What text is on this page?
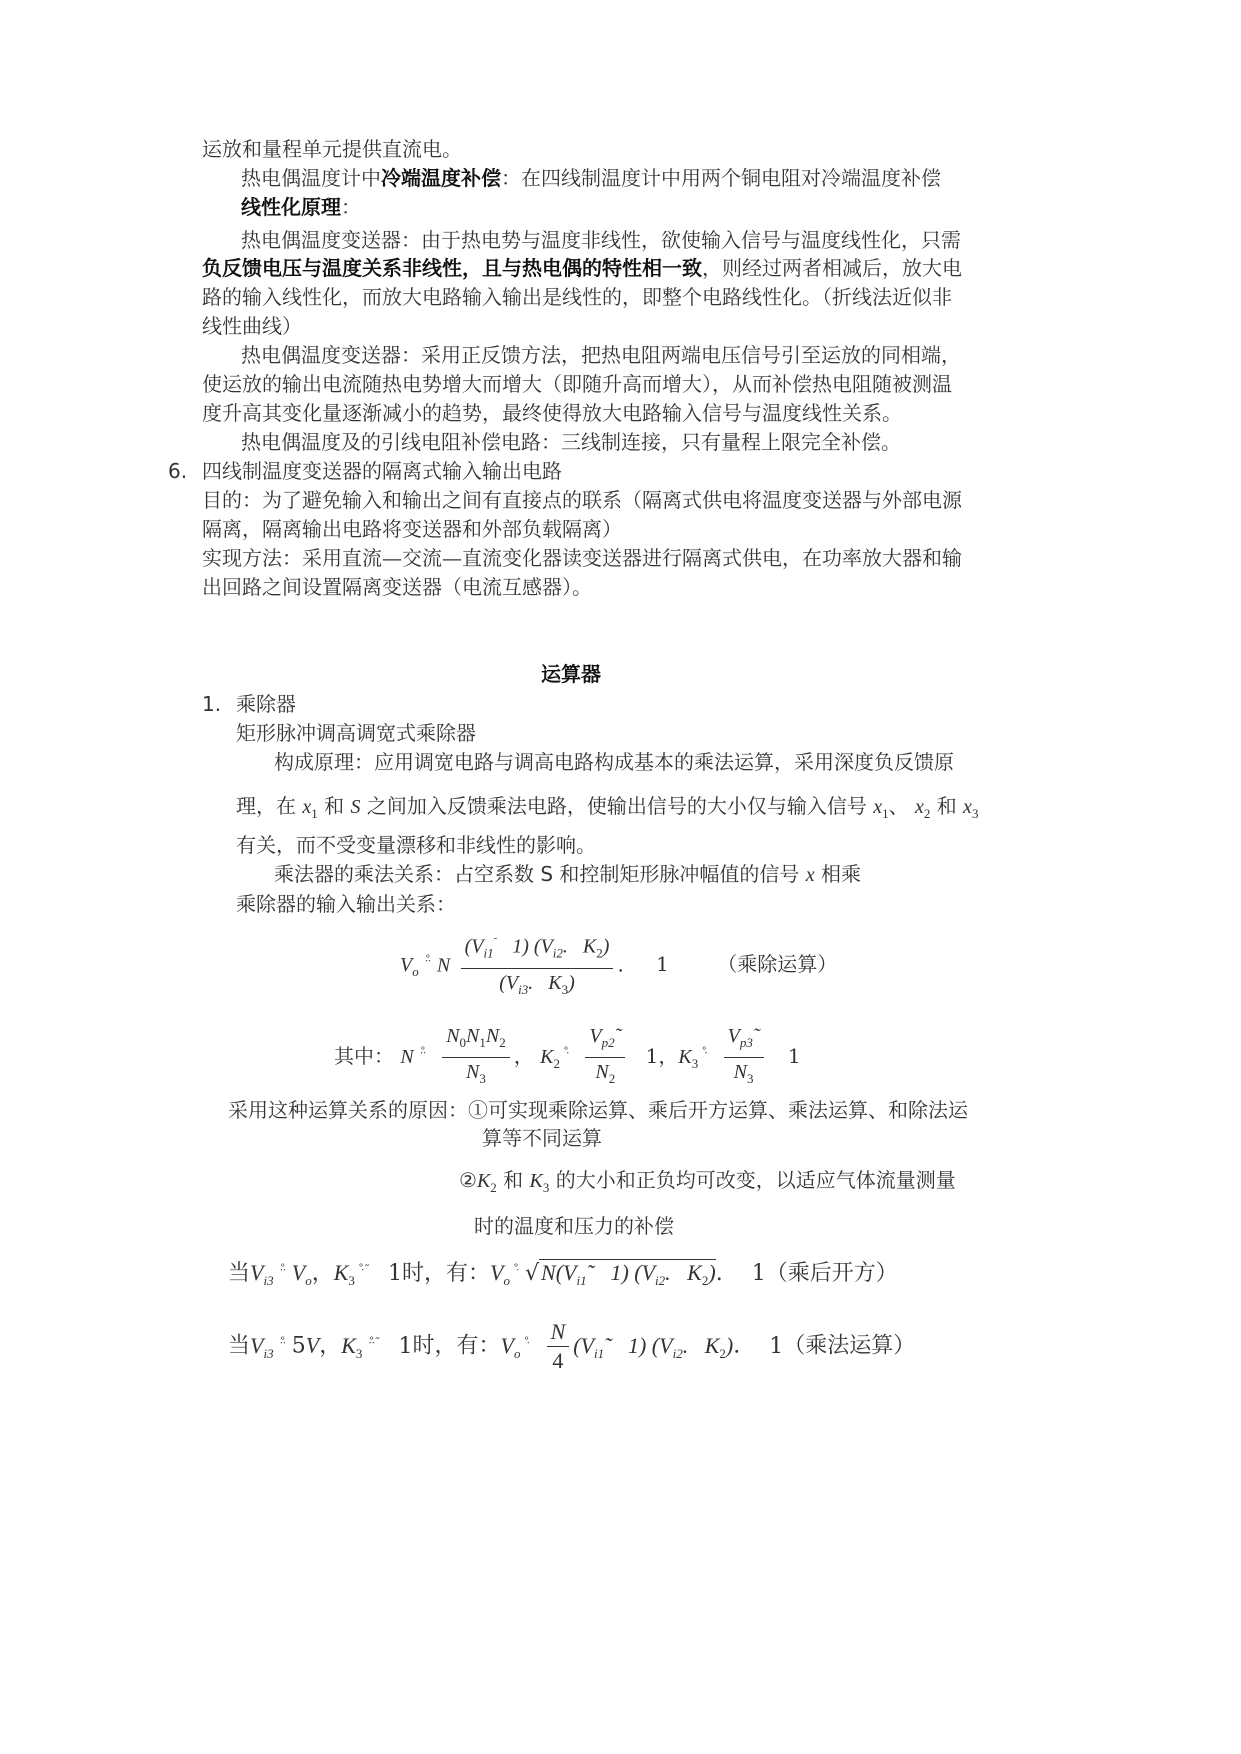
运放和量程单元提供直流电。
热电偶温度计中冷端温度补偿：在四线制温度计中用两个铜电阻对冷端温度补偿
线性化原理：
热电偶温度变送器：由于热电势与温度非线性，欲使输入信号与温度线性化，只需
负反馈电压与温度关系非线性，且与热电偶的特性相一致，则经过两者相减后，放大电
路的输入线性化，而放大电路输入输出是线性的，即整个电路线性化。（折线法近似非
线性曲线）
热电偶温度变送器：采用正反馈方法，把热电阻两端电压信号引至运放的同相端，
使运放的输出电流随热电势增大而增大（即随升高而增大），从而补偿热电阻随被测温
度升高其变化量逐渐减小的趋势，最终使得放大电路输入信号与温度线性关系。
热电偶温度及的引线电阻补偿电路：三线制连接，只有量程上限完全补偿。
6. 四线制温度变送器的隔离式输入输出电路
目的：为了避免输入和输出之间有直接点的联系（隔离式供电将温度变送器与外部电源
隔离，隔离输出电路将变送器和外部负载隔离）
实现方法：采用直流—交流—直流变化器读变送器进行隔离式供电，在功率放大器和输
出回路之间设置隔离变送器（电流互感器）。
运算器
1. 乘除器
矩形脉冲调高调宽式乘除器
构成原理：应用调宽电路与调高电路构成基本的乘法运算，采用深度负反馈原
理，在 $x_1$ 和 S 之间加入反馈乘法电路，使输出信号的大小仅与输入信号 $x_1$、 $x_2$ 和 $x_3$
有关，而不受变量漂移和非线性的影响。
乘法器的乘法关系：占空系数 S 和控制矩形脉冲幅值的信号 x 相乘
乘除器的输入输出关系：
$V_o^{ᐧᐧ̊}$ N $\frac{(V_{i1}^˜ 1) (V_{i2}. K_2)}{(V_{i3}. K_3)}$ . 1 （乘除运算）
其中： N $^{ᐧᐧ̊} \frac{N_0N_1N_2}{N_3}$ ， $K_2^{ᐧ̊} \frac{V_{p2}˜}{N_2} 1$，$K_3^{ᐧ̊} \frac{V_{p3}˜}{N_3} 1$
采用这种运算关系的原因：①可实现乘除运算、乘后开方运算、乘法运算、和除法运
算等不同运算
$②K_2$ 和 $K_3$ 的大小和正负均可改变，以适应气体流量测量
时的温度和压力的补偿
当$V_{i3}^{ᐧᐧ̊}$ $V_o$，$K_3^{ᐧ̊˜}$ 1时，有：$V_o^{ᐧ̊}$ $√N(V_{i1}˜$   1) ($V_{i2}$.   $K_2$). 1（乘后开方）
当$V_{i3}^{ᐧᐧ̊}$ 5V，$K_3^{ᐧᐧ̊˜}$ 1时，有：$V_o^{ᐧ̊} \frac{N}{4}$ ($V_{i1}˜$   1) ($V_{i2}$.   $K_2$). 1（乘法运算）
